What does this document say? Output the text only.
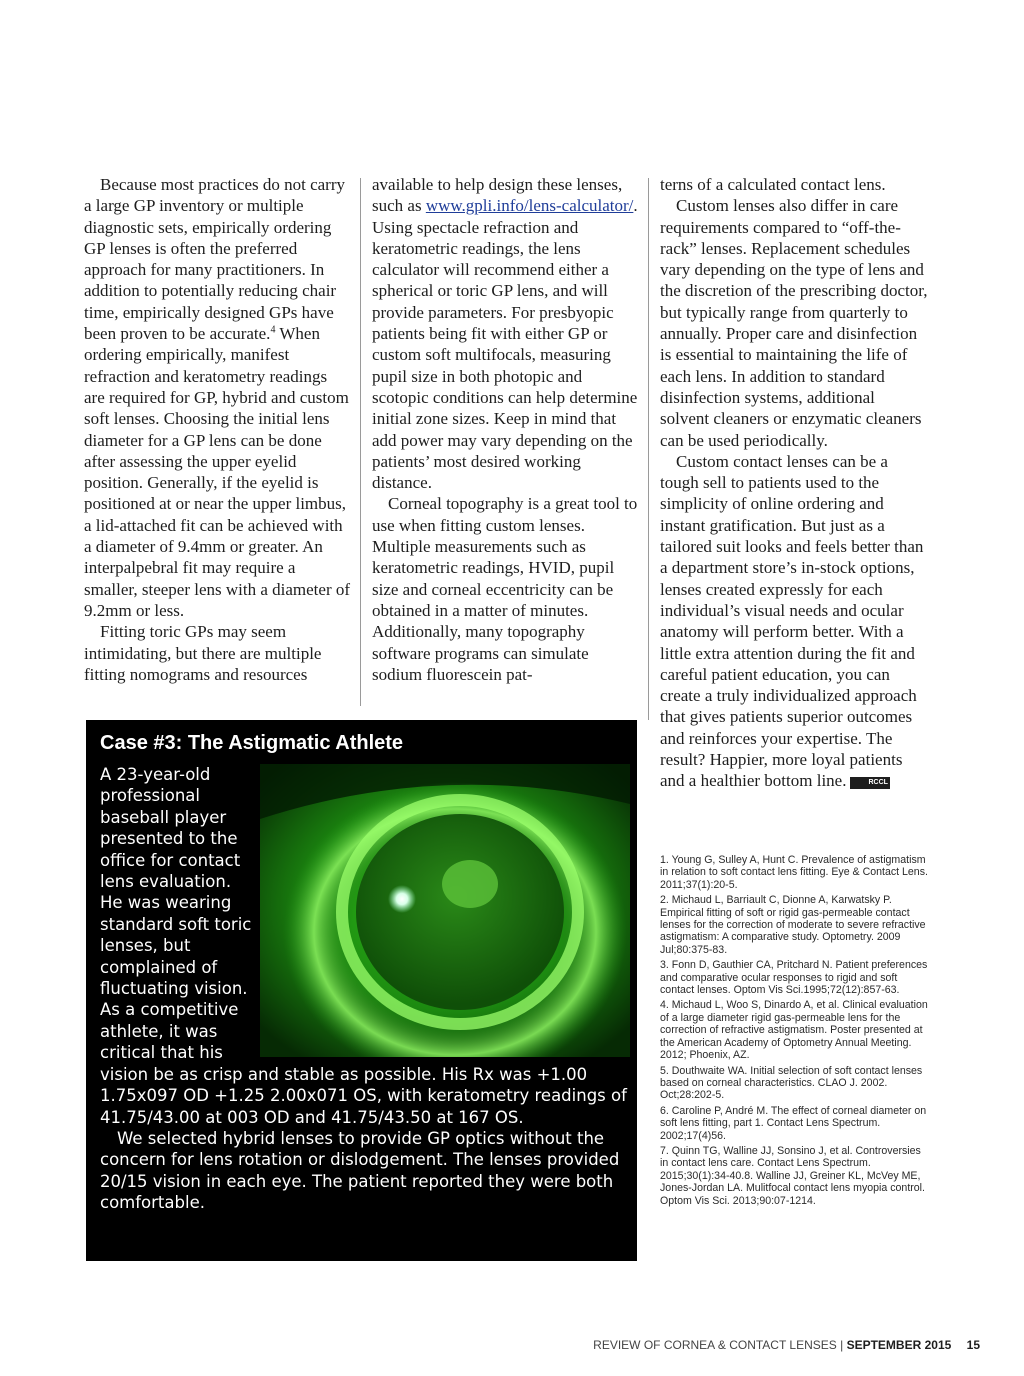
Because most practices do not carry a large GP inventory or multiple diagnostic sets, empirically ordering GP lenses is often the preferred approach for many practitioners. In addition to potentially reducing chair time, empirically designed GPs have been proven to be accurate.$^4$ When ordering empirically, manifest refraction and keratometry readings are required for GP, hybrid and custom soft lenses. Choosing the initial lens diameter for a GP lens can be done after assessing the upper eyelid position. Generally, if the eyelid is positioned at or near the upper limbus, a lid-attached fit can be achieved with a diameter of 9.4mm or greater. An interpalpebral fit may require a smaller, steeper lens with a diameter of 9.2mm or less.

Fitting toric GPs may seem intimidating, but there are multiple fitting nomograms and resources

available to help design these lenses, such as www.gpli.info/lens-calculator/. Using spectacle refraction and keratometric readings, the lens calculator will recommend either a spherical or toric GP lens, and will provide parameters. For presbyopic patients being fit with either GP or custom soft multifocals, measuring pupil size in both photopic and scotopic conditions can help determine initial zone sizes. Keep in mind that add power may vary depending on the patients’ most desired working distance.

Corneal topography is a great tool to use when fitting custom lenses. Multiple measurements such as keratometric readings, HVID, pupil size and corneal eccentricity can be obtained in a matter of minutes. Additionally, many topography software programs can simulate sodium fluorescein pat-

terns of a calculated contact lens.

Custom lenses also differ in care requirements compared to “off-the-rack” lenses. Replacement schedules vary depending on the type of lens and the discretion of the prescribing doctor, but typically range from quarterly to annually. Proper care and disinfection is essential to maintaining the life of each lens. In addition to standard disinfection systems, additional solvent cleaners or enzymatic cleaners can be used periodically.

Custom contact lenses can be a tough sell to patients used to the simplicity of online ordering and instant gratification. But just as a tailored suit looks and feels better than a department store’s in-stock options, lenses created expressly for each individual’s visual needs and ocular anatomy will perform better. With a little extra attention during the fit and careful patient education, you can create a truly individualized approach that gives patients superior outcomes and reinforces your expertise. The result? Happier, more loyal patients and a healthier bottom line.	RCCL

1. Young G, Sulley A, Hunt C. Prevalence of astigmatism in relation to soft contact lens fitting. Eye & Contact Lens. 2011;37(1):20-5.
2. Michaud L, Barriault C, Dionne A, Karwatsky P. Empirical fitting of soft or rigid gas-permeable contact lenses for the correction of moderate to severe refractive astigmatism: A comparative study. Optometry. 2009 Jul;80:375-83.
3. Fonn D, Gauthier CA, Pritchard N. Patient preferences and comparative ocular responses to rigid and soft contact lenses. Optom Vis Sci.1995;72(12):857-63.
4. Michaud L, Woo S, Dinardo A, et al. Clinical evaluation of a large diameter rigid gas-permeable lens for the correction of refractive astigmatism. Poster presented at the American Academy of Optometry Annual Meeting. 2012; Phoenix, AZ.
5. Douthwaite WA. Initial selection of soft contact lenses based on corneal characteristics. CLAO J. 2002. Oct;28:202-5.
6. Caroline P, André M. The effect of corneal diameter on soft lens fitting, part 1. Contact Lens Spectrum. 2002;17(4)56.
7. Quinn TG, Walline JJ, Sonsino J, et al. Controversies in contact lens care. Contact Lens Spectrum. 2015;30(1):34-40.8. Walline JJ, Greiner KL, McVey ME, Jones-Jordan LA. Mulitfocal contact lens myopia control. Optom Vis Sci. 2013;90:07-1214.
Case #3: The Astigmatic Athlete

A 23-year-old professional baseball player presented to the office for contact lens evaluation. He was wearing standard soft toric lenses, but complained of fluctuating vision. As a competitive athlete, it was critical that his vision be as crisp and stable as possible. His Rx was +1.00 1.75x097 OD +1.25 2.00x071 OS, with keratometry readings of 41.75/43.00 at 003 OD and 41.75/43.50 at 167 OS.

We selected hybrid lenses to provide GP optics without the concern for lens rotation or dislodgement. The lenses provided 20/15 vision in each eye. The patient reported they were both comfortable.

REVIEW OF CORNEA & CONTACT LENSES | SEPTEMBER 2015 15
